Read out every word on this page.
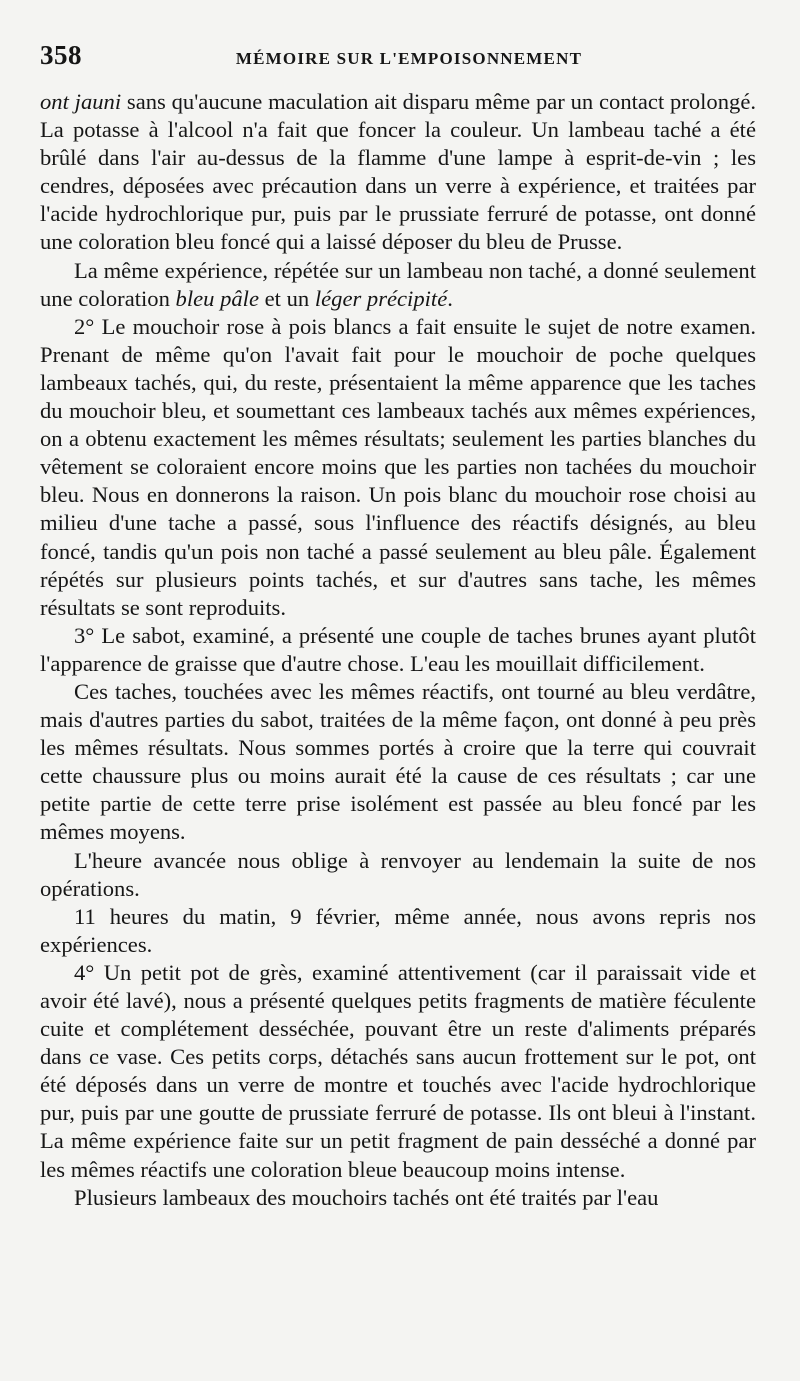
358	MÉMOIRE SUR L'EMPOISONNEMENT

ont jauni sans qu'aucune maculation ait disparu même par un contact prolongé. La potasse à l'alcool n'a fait que foncer la couleur. Un lambeau taché a été brûlé dans l'air au-dessus de la flamme d'une lampe à esprit-de-vin ; les cendres, déposées avec précaution dans un verre à expérience, et traitées par l'acide hydrochlorique pur, puis par le prussiate ferruré de potasse, ont donné une coloration bleu foncé qui a laissé déposer du bleu de Prusse.

La même expérience, répétée sur un lambeau non taché, a donné seulement une coloration bleu pâle et un léger précipité.

2° Le mouchoir rose à pois blancs a fait ensuite le sujet de notre examen. Prenant de même qu'on l'avait fait pour le mouchoir de poche quelques lambeaux tachés, qui, du reste, présentaient la même apparence que les taches du mouchoir bleu, et soumettant ces lambeaux tachés aux mêmes expériences, on a obtenu exactement les mêmes résultats; seulement les parties blanches du vêtement se coloraient encore moins que les parties non tachées du mouchoir bleu. Nous en donnerons la raison. Un pois blanc du mouchoir rose choisi au milieu d'une tache a passé, sous l'influence des réactifs désignés, au bleu foncé, tandis qu'un pois non taché a passé seulement au bleu pâle. Également répétés sur plusieurs points tachés, et sur d'autres sans tache, les mêmes résultats se sont reproduits.

3° Le sabot, examiné, a présenté une couple de taches brunes ayant plutôt l'apparence de graisse que d'autre chose. L'eau les mouillait difficilement.

Ces taches, touchées avec les mêmes réactifs, ont tourné au bleu verdâtre, mais d'autres parties du sabot, traitées de la même façon, ont donné à peu près les mêmes résultats. Nous sommes portés à croire que la terre qui couvrait cette chaussure plus ou moins aurait été la cause de ces résultats ; car une petite partie de cette terre prise isolément est passée au bleu foncé par les mêmes moyens.

L'heure avancée nous oblige à renvoyer au lendemain la suite de nos opérations.

11 heures du matin, 9 février, même année, nous avons repris nos expériences.

4° Un petit pot de grès, examiné attentivement (car il paraissait vide et avoir été lavé), nous a présenté quelques petits fragments de matière féculente cuite et complétement desséchée, pouvant être un reste d'aliments préparés dans ce vase. Ces petits corps, détachés sans aucun frottement sur le pot, ont été déposés dans un verre de montre et touchés avec l'acide hydrochlorique pur, puis par une goutte de prussiate ferruré de potasse. Ils ont bleui à l'instant. La même expérience faite sur un petit fragment de pain desséché a donné par les mêmes réactifs une coloration bleue beaucoup moins intense.

Plusieurs lambeaux des mouchoirs tachés ont été traités par l'eau
